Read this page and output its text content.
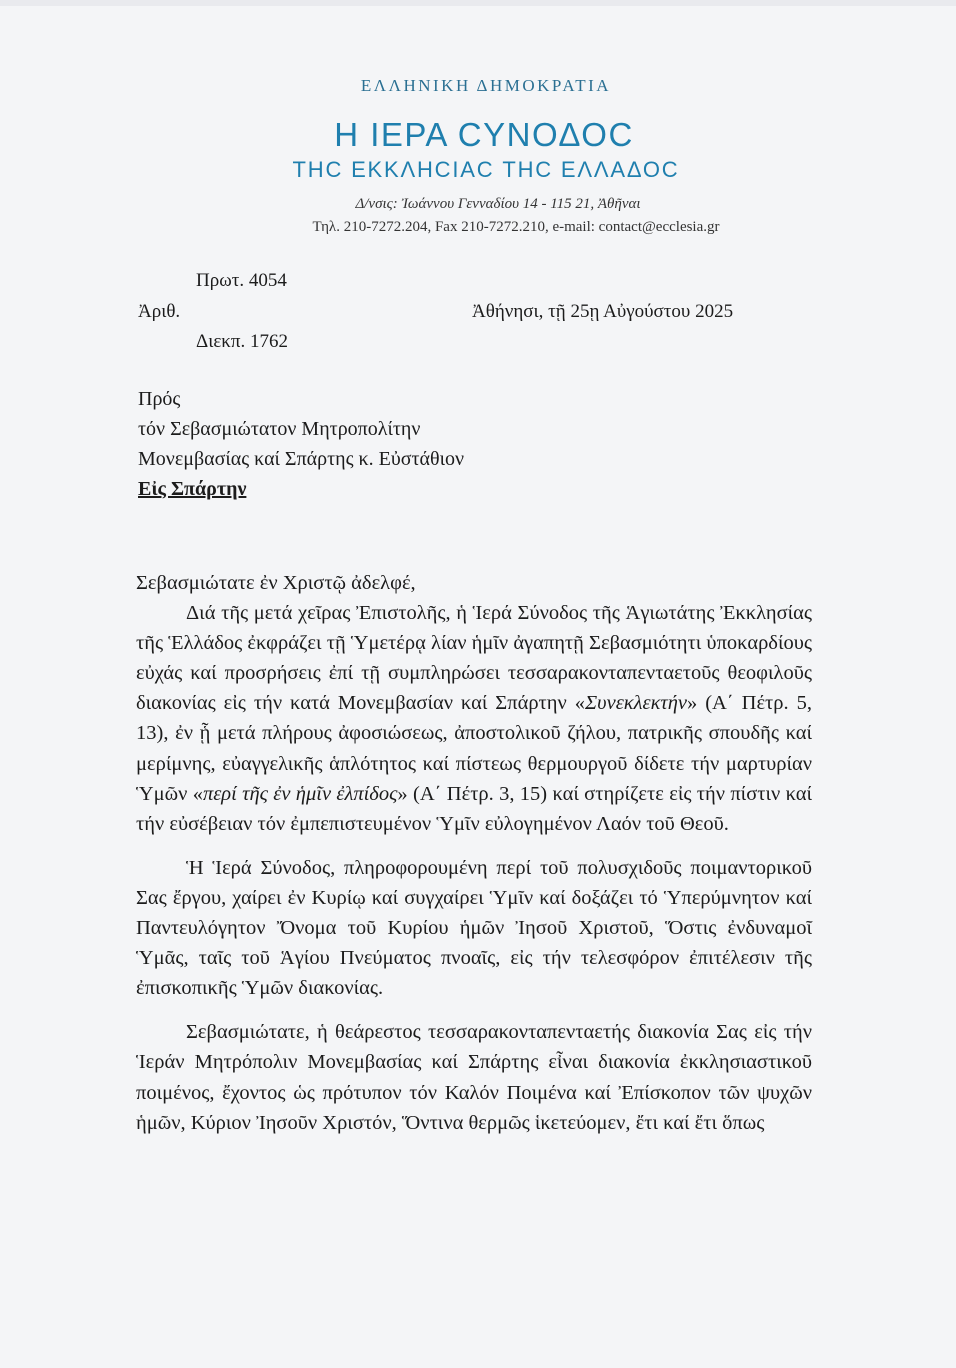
ΕΛΛΗΝΙΚΗ ΔΗΜΟΚΡΑΤΙΑ
Η ΙΕΡΑ CΥΝΟΔΟC
ΤΗC ΕΚΚΛΗCΙΑC ΤΗC ΕΛΛΑΔΟC
Δ/νσις: Ἰωάννου Γενναδίου 14 - 115 21, Ἀθῆναι
Τηλ. 210-7272.204, Fax 210-7272.210, e-mail: contact@ecclesia.gr
Πρωτ. 4054
Ἀριθ.	Ἀθήνησι, τῇ 25ῃ Αὐγούστου 2025
Διεκπ. 1762
Πρός
τόν Σεβασμιώτατον Μητροπολίτην
Μονεμβασίας καί Σπάρτης κ. Εὐστάθιον
Εἰς Σπάρτην

Σεβασμιώτατε ἐν Χριστῷ ἀδελφέ,

Διά τῆς μετά χεῖρας Ἐπιστολῆς, ἡ Ἱερά Σύνοδος τῆς Ἁγιωτάτης Ἐκκλησίας τῆς Ἑλλάδος ἐκφράζει τῇ Ὑμετέρᾳ λίαν ἡμῖν ἀγαπητῇ Σεβασμιότητι ὑποκαρδίους εὐχάς καί προσρήσεις ἐπί τῇ συμπληρώσει τεσσαρακονταπενταετοῦς θεοφιλοῦς διακονίας εἰς τήν κατά Μονεμβασίαν καί Σπάρτην «Συνεκλεκτήν» (Α΄ Πέτρ. 5, 13), ἐν ᾗ μετά πλήρους ἀφοσιώσεως, ἀποστολικοῦ ζήλου, πατρικῆς σπουδῆς καί μερίμνης, εὐαγγελικῆς ἁπλότητος καί πίστεως θερμουργοῦ δίδετε τήν μαρτυρίαν Ὑμῶν «περί τῆς ἐν ἡμῖν ἐλπίδος» (Α΄ Πέτρ. 3, 15) καί στηρίζετε εἰς τήν πίστιν καί τήν εὐσέβειαν τόν ἐμπεπιστευμένον Ὑμῖν εὐλογημένον Λαόν τοῦ Θεοῦ.

Ἡ Ἱερά Σύνοδος, πληροφορουμένη περί τοῦ πολυσχιδοῦς ποιμαντορικοῦ Σας ἔργου, χαίρει ἐν Κυρίῳ καί συγχαίρει Ὑμῖν καί δοξάζει τό Ὑπερύμνητον καί Παντευλόγητον Ὄνομα τοῦ Κυρίου ἡμῶν Ἰησοῦ Χριστοῦ, Ὅστις ἐνδυναμοῖ Ὑμᾶς, ταῖς τοῦ Ἁγίου Πνεύματος πνοαῖς, εἰς τήν τελεσφόρον ἐπιτέλεσιν τῆς ἐπισκοπικῆς Ὑμῶν διακονίας.

Σεβασμιώτατε, ἡ θεάρεστος τεσσαρακονταπενταετής διακονία Σας εἰς τήν Ἱεράν Μητρόπολιν Μονεμβασίας καί Σπάρτης εἶναι διακονία ἐκκλησιαστικοῦ ποιμένος, ἔχοντος ὡς πρότυπον τόν Καλόν Ποιμένα καί Ἐπίσκοπον τῶν ψυχῶν ἡμῶν, Κύριον Ἰησοῦν Χριστόν, Ὅντινα θερμῶς ἱκετεύομεν, ἔτι καί ἔτι ὅπως
